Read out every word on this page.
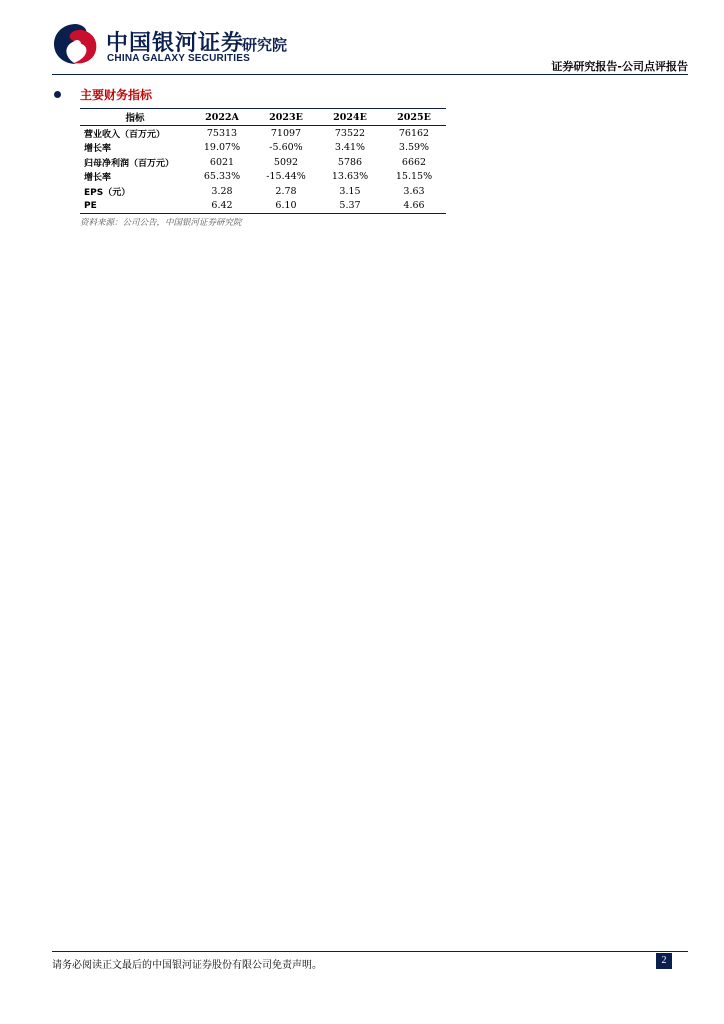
中国银河证券
CHINA GALAXY SECURITIES
研究院
证券研究报告-公司点评报告
主要财务指标
指标	2022A	2023E	2024E	2025E
营业收入（百万元）	75313	71097	73522	76162
增长率	19.07%	-5.60%	3.41%	3.59%
归母净利润（百万元）	6021	5092	5786	6662
增长率	65.33%	-15.44%	13.63%	15.15%
EPS（元）	3.28	2.78	3.15	3.63
PE	6.42	6.10	5.37	4.66
资料来源：公司公告，中国银河证券研究院
请务必阅读正文最后的中国银河证券股份有限公司免责声明。	2
